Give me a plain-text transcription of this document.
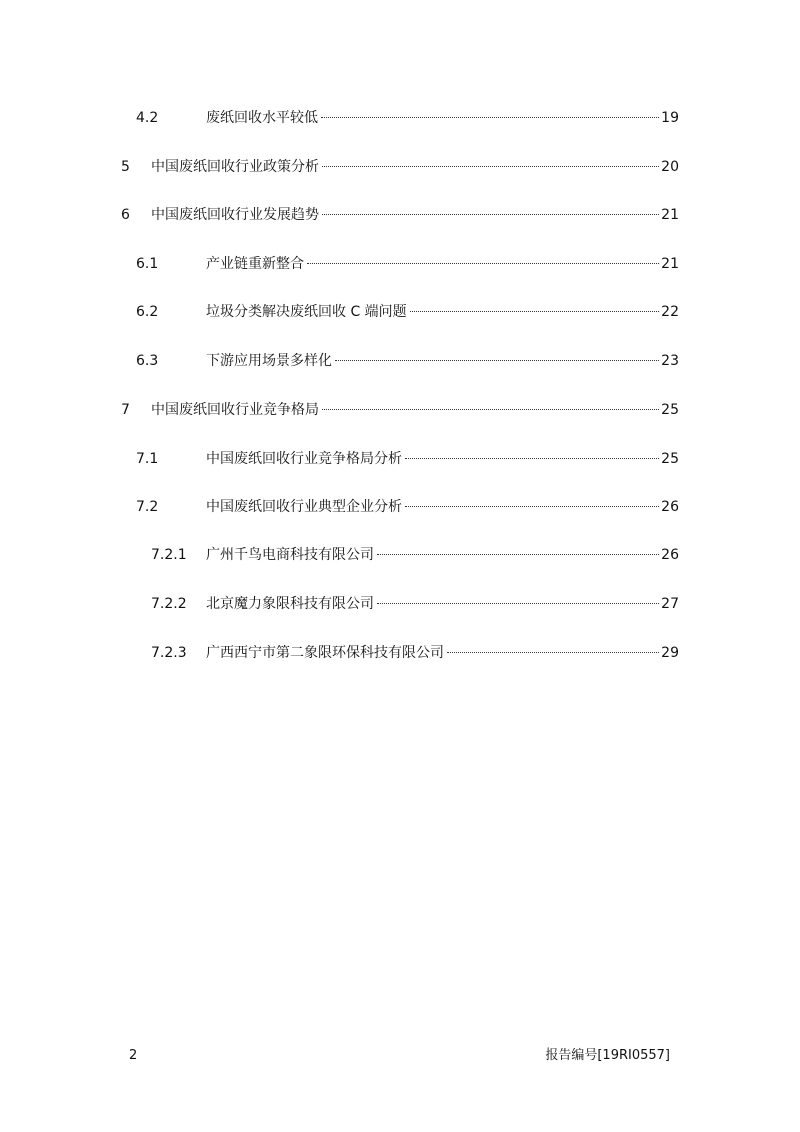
4.2	废纸回收水平较低	19
5	中国废纸回收行业政策分析	20
6	中国废纸回收行业发展趋势	21
6.1	产业链重新整合	21
6.2	垃圾分类解决废纸回收 C 端问题	22
6.3	下游应用场景多样化	23
7	中国废纸回收行业竞争格局	25
7.1	中国废纸回收行业竞争格局分析	25
7.2	中国废纸回收行业典型企业分析	26
7.2.1	广州千鸟电商科技有限公司	26
7.2.2	北京魔力象限科技有限公司	27
7.2.3	广西西宁市第二象限环保科技有限公司	29
2	报告编号[19RI0557]
